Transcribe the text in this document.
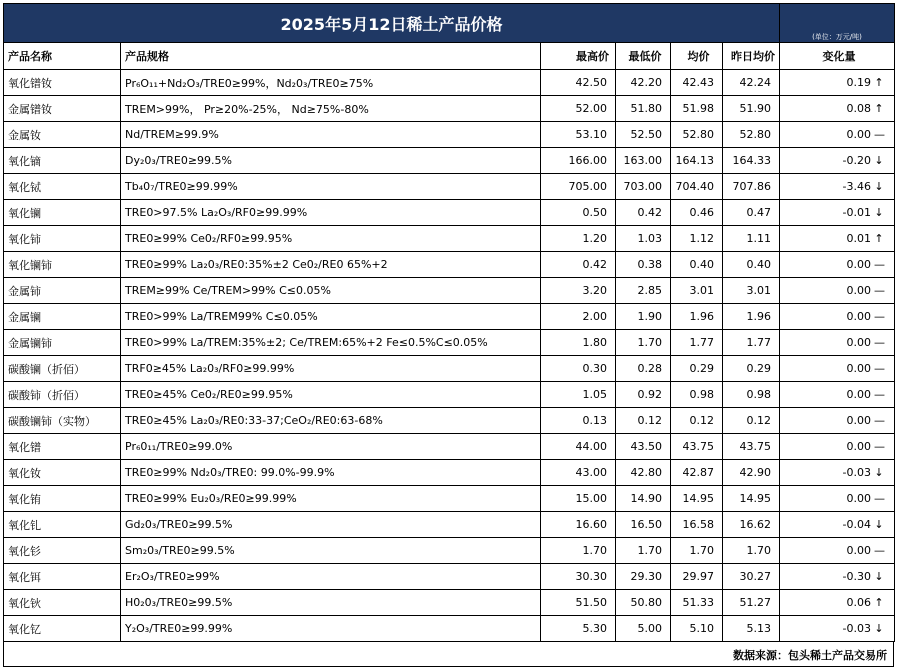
2025年5月12日稀土产品价格						(单位：万元/吨)
产品名称	产品规格	最高价	最低价	均价	昨日均价	变化量
氧化镨钕	Pr₆O₁₁+Nd₂O₃/TRE0≥99%，Nd₂0₃/TRE0≥75%	42.50	42.20	42.43	42.24	0.19 ↑
金属镨钕	TREM>99%， Pr≥20%-25%， Nd≥75%-80%	52.00	51.80	51.98	51.90	0.08 ↑
金属钕	Nd/TREM≥99.9%	53.10	52.50	52.80	52.80	0.00 —
氧化镝	Dy₂0₃/TRE0≥99.5%	166.00	163.00	164.13	164.33	-0.20 ↓
氧化铽	Tb₄0₇/TRE0≥99.99%	705.00	703.00	704.40	707.86	-3.46 ↓
氧化镧	TRE0>97.5% La₂O₃/RF0≥99.99%	0.50	0.42	0.46	0.47	-0.01 ↓
氧化铈	TRE0≥99% Ce0₂/RF0≥99.95%	1.20	1.03	1.12	1.11	0.01 ↑
氧化镧铈	TRE0≥99% La₂0₃/RE0:35%±2 Ce0₂/RE0 65%+2	0.42	0.38	0.40	0.40	0.00 —
金属铈	TREM≥99% Ce/TREM>99% C≤0.05%	3.20	2.85	3.01	3.01	0.00 —
金属镧	TRE0>99% La/TREM99% C≤0.05%	2.00	1.90	1.96	1.96	0.00 —
金属镧铈	TRE0>99% La/TREM:35%±2; Ce/TREM:65%+2 Fe≤0.5%C≤0.05%	1.80	1.70	1.77	1.77	0.00 —
碳酸镧（折佰）	TRF0≥45% La₂0₃/RF0≥99.99%	0.30	0.28	0.29	0.29	0.00 —
碳酸铈（折佰）	TRE0≥45% Ce0₂/RE0≥99.95%	1.05	0.92	0.98	0.98	0.00 —
碳酸镧铈（实物）	TRE0≥45% La₂0₃/RE0:33-37;CeO₂/RE0:63-68%	0.13	0.12	0.12	0.12	0.00 —
氧化镨	Pr₆0₁₁/TRE0≥99.0%	44.00	43.50	43.75	43.75	0.00 —
氧化钕	TRE0≥99% Nd₂0₃/TRE0: 99.0%-99.9%	43.00	42.80	42.87	42.90	-0.03 ↓
氧化铕	TRE0≥99% Eu₂0₃/RE0≥99.99%	15.00	14.90	14.95	14.95	0.00 —
氧化钆	Gd₂0₃/TRE0≥99.5%	16.60	16.50	16.58	16.62	-0.04 ↓
氧化钐	Sm₂0₃/TRE0≥99.5%	1.70	1.70	1.70	1.70	0.00 —
氧化铒	Er₂O₃/TRE0≥99%	30.30	29.30	29.97	30.27	-0.30 ↓
氧化钬	H0₂0₃/TRE0≥99.5%	51.50	50.80	51.33	51.27	0.06 ↑
氧化钇	Y₂O₃/TRE0≥99.99%	5.30	5.00	5.10	5.13	-0.03 ↓
数据来源：包头稀土产品交易所
